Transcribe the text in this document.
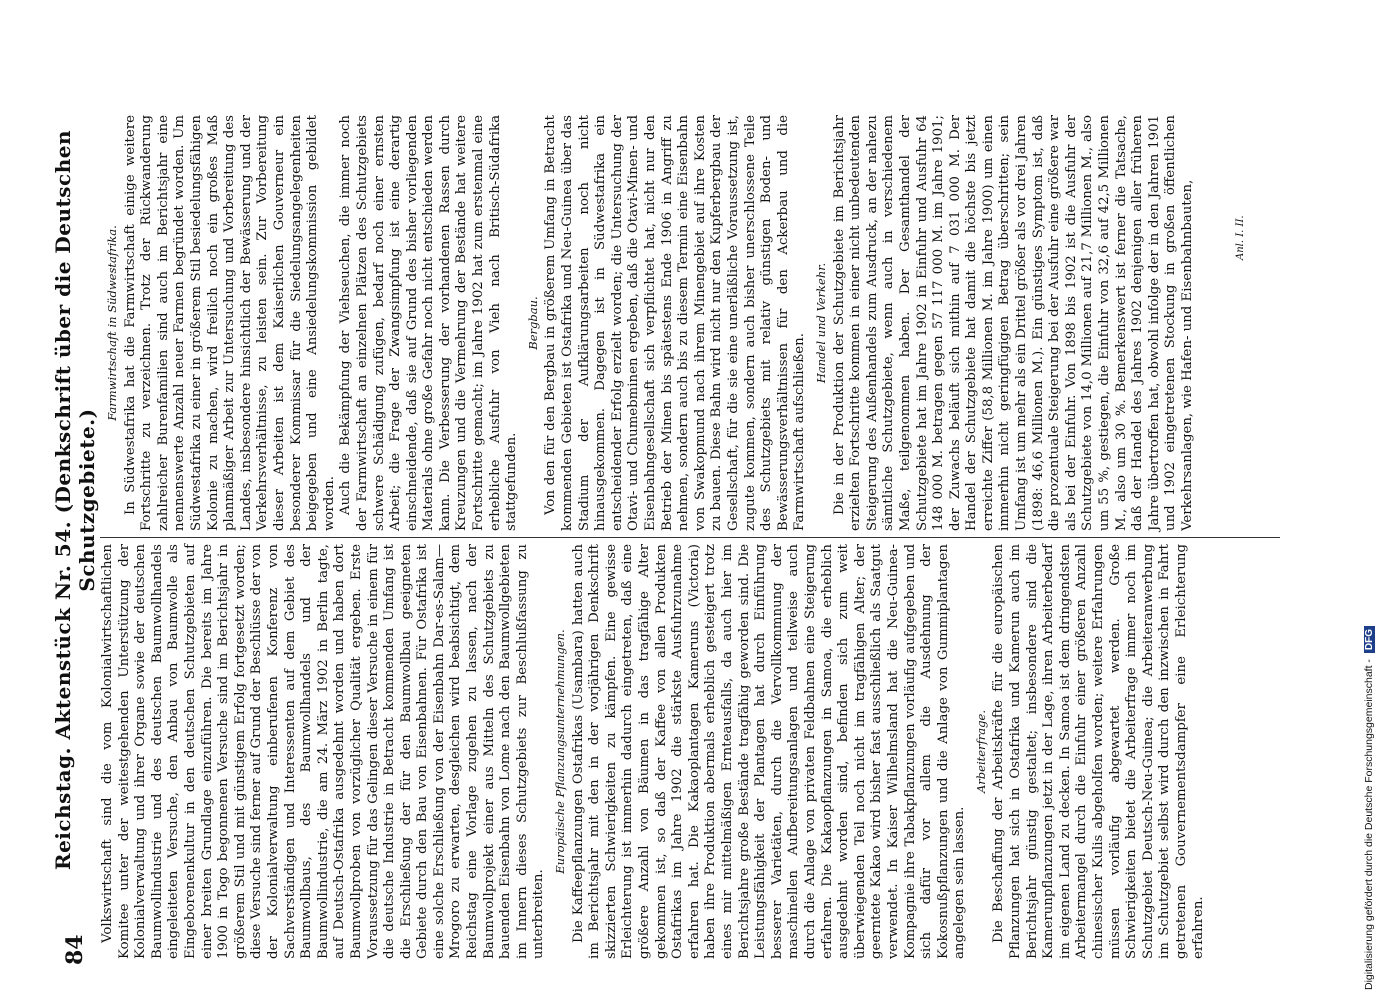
84
Reichstag. Aktenstück Nr. 54. (Denkschrift über die Deutschen Schutzgebiete.)

Volkswirtschaft sind die vom Kolonialwirtschaftlichen Komitee unter der weitestgehenden Unterstützung der Kolonialverwaltung und ihrer Organe sowie der deutschen Baumwollindustrie und des deutschen Baumwollhandels eingeleiteten Versuche, den Anbau von Baumwolle als Eingeborenenkultur in den deutschen Schutzgebieten auf einer breiten Grundlage einzuführen. Die bereits im Jahre 1900 in Togo begonnenen Versuche sind im Berichtsjahr in größerem Stil und mit günstigem Erfolg fortgesetzt worden; diese Versuche sind ferner auf Grund der Beschlüsse der von der Kolonialverwaltung einberufenen Konferenz von Sachverständigen und Interessenten auf dem Gebiet des Baumwollbaus, des Baumwollhandels und der Baumwollindustrie, die am 24. März 1902 in Berlin tagte, auf Deutsch-Ostafrika ausgedehnt worden und haben dort Baumwollproben von vorzüglicher Qualität ergeben. Erste Voraussetzung für das Gelingen dieser Versuche in einem für die deutsche Industrie in Betracht kommenden Umfang ist die Erschließung der für den Baumwollbau geeigneten Gebiete durch den Bau von Eisenbahnen. Für Ostafrika ist eine solche Erschließung von der Eisenbahn Dar-es-Salam—Mrogoro zu erwarten, desgleichen wird beabsichtigt, dem Reichstag eine Vorlage zugehen zu lassen, nach der Baumwollprojekt einer aus Mitteln des Schutzgebiets zu bauenden Eisenbahn von Lome nach den Baumwollgebieten im Innern dieses Schutzgebiets zur Beschlußfassung zu unterbreiten.

Europäische Pflanzungsunternehmungen. Die Kaffeepflanzungen Ostafrikas (Usambara) hatten auch im Berichtsjahr mit den in der vorjährigen Denkschrift skizzierten Schwierigkeiten zu kämpfen. Eine gewisse Erleichterung ist immerhin dadurch eingetreten, daß eine größere Anzahl von Bäumen in das tragfähige Alter gekommen ist, so daß der Kaffee von allen Produkten Ostafrikas im Jahre 1902 die stärkste Ausfuhrzunahme erfahren hat. Die Kakaoplantagen Kameruns (Victoria) haben ihre Produktion abermals erheblich gesteigert trotz eines mir mittelmäßigen Ernteausfalls, da auch hier im Berichtsjahre große Bestände tragfähig geworden sind. Die Leistungsfähigkeit der Plantagen hat durch Einführung besserer Varietäten, durch die Vervollkommnung der maschinellen Aufbereitungsanlagen und teilweise auch durch die Anlage von privaten Feldbahnen eine Steigerung erfahren. Die Kakaopflanzungen in Samoa, die erheblich ausgedehnt worden sind, befinden sich zum weit überwiegenden Teil noch nicht im tragfähigen Alter; der geerntete Kakao wird bisher fast ausschließlich als Saatgut verwendet. In Kaiser Wilhelmsland hat die Neu-Guinea-Kompagnie ihre Tabakpflanzungen vorläufig aufgegeben und sich dafür vor allem die Ausdehnung der Kokosnußpflanzungen und die Anlage von Gummiplantagen angelegen sein lassen.

Arbeiterfrage. Die Beschaffung der Arbeitskräfte für die europäischen Pflanzungen hat sich in Ostafrika und Kamerun auch im Berichtsjahr günstig gestaltet; insbesondere sind die Kamerunpflanzungen jetzt in der Lage, ihren Arbeiterbedarf im eigenen Land zu decken. In Samoa ist dem dringendsten Arbeitermangel durch die Einfuhr einer größeren Anzahl chinesischer Kulis abgeholfen worden; weitere Erfahrungen müssen vorläufig abgewartet werden. Große Schwierigkeiten bietet die Arbeiterfrage immer noch im Schutzgebiet Deutsch-Neu-Guinea; die Arbeiteranwerbung im Schutzgebiet selbst wird durch den inzwischen in Fahrt getretenen Gouvernementsdampfer eine Erleichterung erfahren.

Farmwirtschaft in Südwestafrika. In Südwestafrika hat die Farmwirtschaft einige weitere Fortschritte zu verzeichnen. Trotz der Rückwanderung zahlreicher Burenfamilien sind auch im Berichtsjahr eine nennenswerte Anzahl neuer Farmen begründet worden. Um Südwestafrika zu einer in größerem Stil besiedelungsfähigen Kolonie zu machen, wird freilich noch ein großes Maß planmäßiger Arbeit zur Untersuchung und Vorbereitung des Landes, insbesondere hinsichtlich der Bewässerung und der Verkehrsverhältnisse, zu leisten sein. Zur Vorbereitung dieser Arbeiten ist dem Kaiserlichen Gouverneur ein besonderer Kommissar für die Siedelungsangelegenheiten beigegeben und eine Ansiedelungskommission gebildet worden. Auch die Bekämpfung der Viehseuchen, die immer noch der Farmwirtschaft an einzelnen Plätzen des Schutzgebiets schwere Schädigung zufügen, bedarf noch einer ernsten Arbeit; die Frage der Zwangsimpfung ist eine derartig einschneidende, daß sie auf Grund des bisher vorliegenden Materials ohne große Gefahr noch nicht entschieden werden kann. Die Verbesserung der vorhandenen Rassen durch Kreuzungen und die Vermehrung der Bestände hat weitere Fortschritte gemacht; im Jahre 1902 hat zum erstenmal eine erhebliche Ausfuhr von Vieh nach Britisch-Südafrika stattgefunden.

Bergbau. Von den für den Bergbau in größerem Umfang in Betracht kommenden Gebieten ist Ostafrika und Neu-Guinea über das Stadium der Aufklärungsarbeiten noch nicht hinausgekommen. Dagegen ist in Südwestafrika ein entscheidender Erfolg erzielt worden; die Untersuchung der Otavi- und Chumebminen ergeben, daß die Otavi-Minen- und Eisenbahngesellschaft sich verpflichtet hat, nicht nur den Betrieb der Minen bis spätestens Ende 1906 in Angriff zu nehmen, sondern auch bis zu diesem Termin eine Eisenbahn von Swakopmund nach ihrem Minengebiet auf ihre Kosten zu bauen. Diese Bahn wird nicht nur den Kupferbergbau der Gesellschaft, für die sie eine unerläßliche Voraussetzung ist, zugute kommen, sondern auch bisher unerschlossene Teile des Schutzgebiets mit relativ günstigen Boden- und Bewässerungsverhältnissen für den Ackerbau und die Farmwirtschaft aufschließen.

Handel und Verkehr. Die in der Produktion der Schutzgebiete im Berichtsjahr erzielten Fortschritte kommen in einer nicht unbedeutenden Steigerung des Außenhandels zum Ausdruck, an der nahezu sämtliche Schutzgebiete, wenn auch in verschiedenem Maße, teilgenommen haben. Der Gesamthandel der Schutzgebiete hat im Jahre 1902 in Einfuhr und Ausfuhr 64 148 000 M. betragen gegen 57 117 000 M. im Jahre 1901; der Zuwachs beläuft sich mithin auf 7 031 000 M. Der Handel der Schutzgebiete hat damit die höchste bis jetzt erreichte Ziffer (58,8 Millionen M. im Jahre 1900) um einen immerhin nicht geringfügigen Betrag überschritten; sein Umfang ist um mehr als ein Drittel größer als vor drei Jahren (1898: 46,6 Millionen M.). Ein günstiges Symptom ist, daß die prozentuale Steigerung bei der Ausfuhr eine größere war als bei der Einfuhr. Von 1898 bis 1902 ist die Ausfuhr der Schutzgebiete von 14,0 Millionen auf 21,7 Millionen M., also um 55 %, gestiegen, die Einfuhr von 32,6 auf 42,5 Millionen M., also um 30 %. Bemerkenswert ist ferner die Tatsache, daß der Handel des Jahres 1902 denjenigen aller früheren Jahre übertroffen hat, obwohl infolge der in den Jahren 1901 und 1902 eingetretenen Stockung in großen öffentlichen Verkehrsanlagen, wie Hafen- und Eisenbahnbauten,	Anl. I. II.
Digitalisierung gefördert durch die Deutsche Forschungsgemeinschaft -
DFG
